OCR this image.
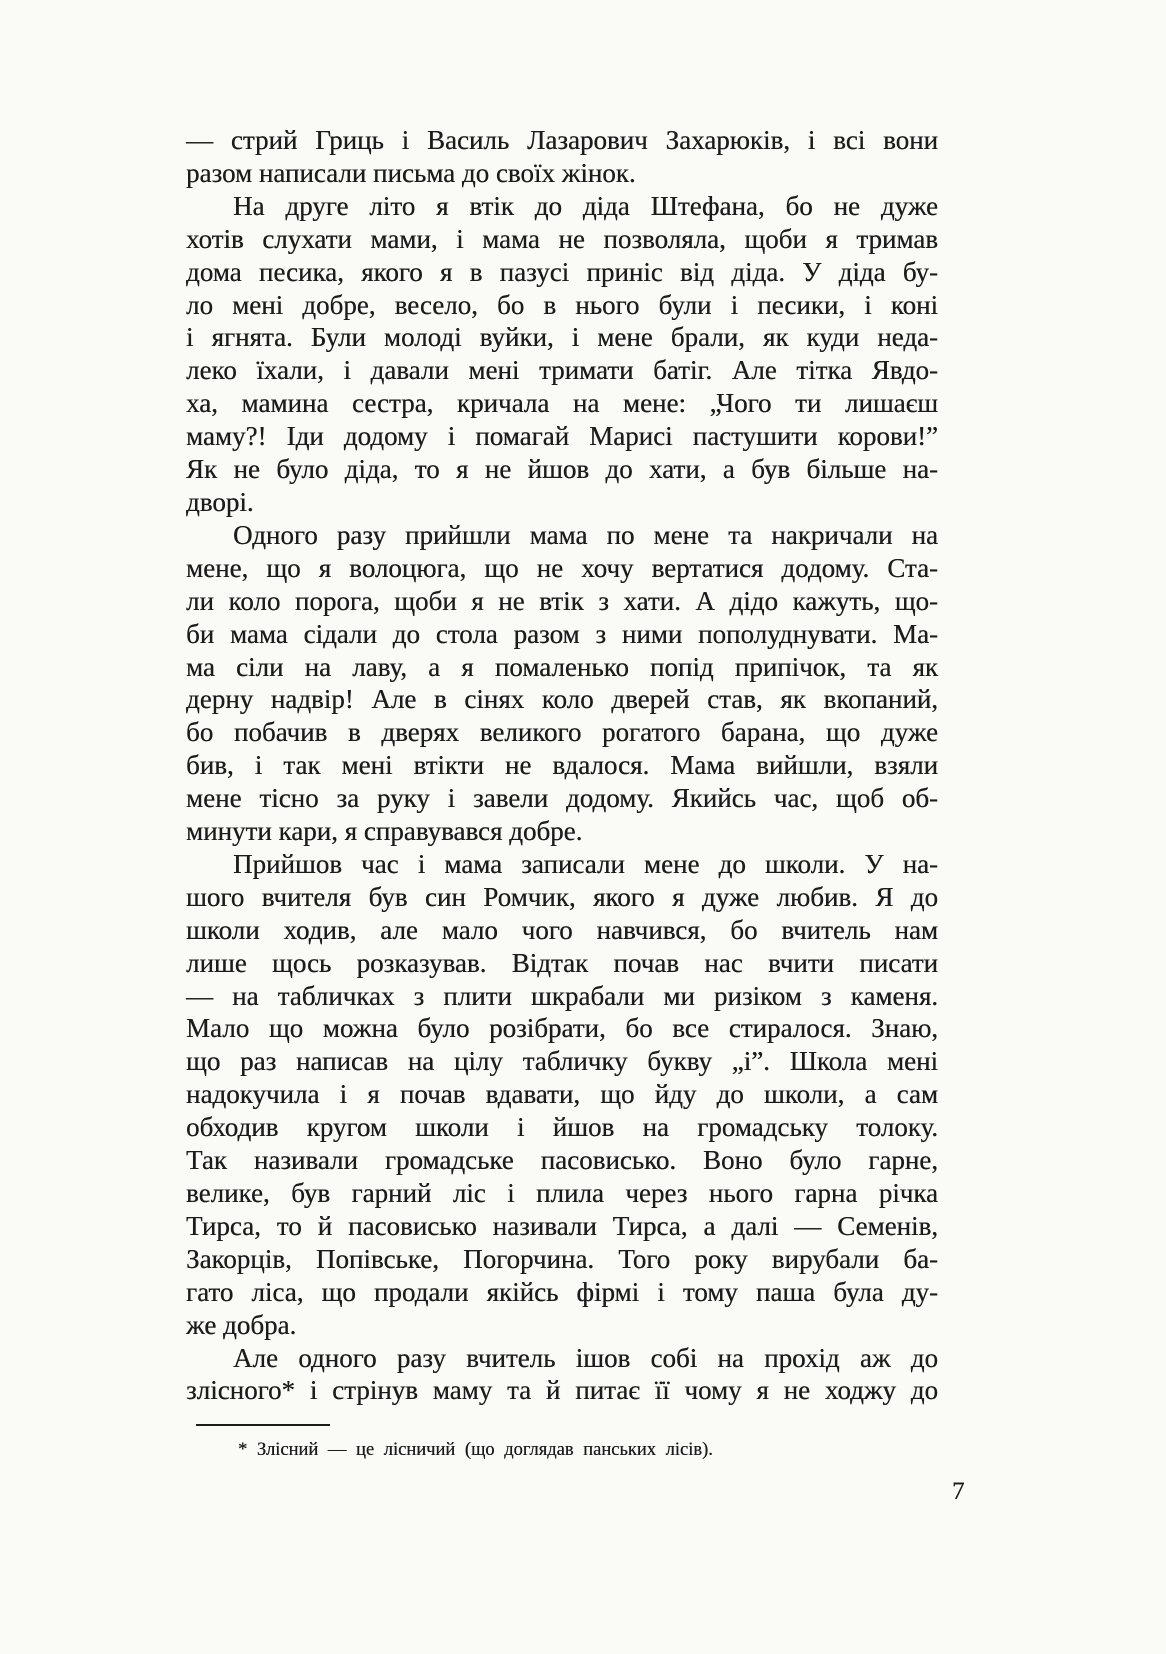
— стрий Гриць і Василь Лазарович Захарюків, і всі вони
разом написали письма до своїх жінок.
На друге літо я втік до діда Штефана, бо не дуже
хотів слухати мами, і мама не позволяла, щоби я тримав
дома песика, якого я в пазусі приніс від діда. У діда бу-
ло мені добре, весело, бо в нього були і песики, і коні
і ягнята. Були молоді вуйки, і мене брали, як куди неда-
леко їхали, і давали мені тримати батіг. Але тітка Явдо-
ха, мамина сестра, кричала на мене: „Чого ти лишаєш
маму?! Іди додому і помагай Марисі пастушити корови!”
Як не було діда, то я не йшов до хати, а був більше на-
дворі.
Одного разу прийшли мама по мене та накричали на
мене, що я волоцюга, що не хочу вертатися додому. Ста-
ли коло порога, щоби я не втік з хати. А дідо кажуть, що-
би мама сідали до стола разом з ними пополуднувати. Ма-
ма сіли на лаву, а я помаленько попід припічок, та як
дерну надвір! Але в сінях коло дверей став, як вкопаний,
бо побачив в дверях великого рогатого барана, що дуже
бив, і так мені втікти не вдалося. Мама вийшли, взяли
мене тісно за руку і завели додому. Якийсь час, щоб об-
минути кари, я справувався добре.
Прийшов час і мама записали мене до школи. У на-
шого вчителя був син Ромчик, якого я дуже любив. Я до
школи ходив, але мало чого навчився, бо вчитель нам
лише щось розказував. Відтак почав нас вчити писати
— на табличках з плити шкрабали ми ризіком з каменя.
Мало що можна було розібрати, бо все стиралося. Знаю,
що раз написав на цілу табличку букву „і”. Школа мені
надокучила і я почав вдавати, що йду до школи, а сам
обходив кругом школи і йшов на громадську толоку.
Так називали громадське пасовисько. Воно було гарне,
велике, був гарний ліс і плила через нього гарна річка
Тирса, то й пасовисько називали Тирса, а далі — Семенів,
Закорців, Попівське, Погорчина. Того року вирубали ба-
гато ліса, що продали якійсь фірмі і тому паша була ду-
же добра.
Але одного разу вчитель ішов собі на прохід аж до
злісного* і стрінув маму та й питає її чому я не ходжу до
* Злісний — це лісничий (що доглядав панських лісів).
7
